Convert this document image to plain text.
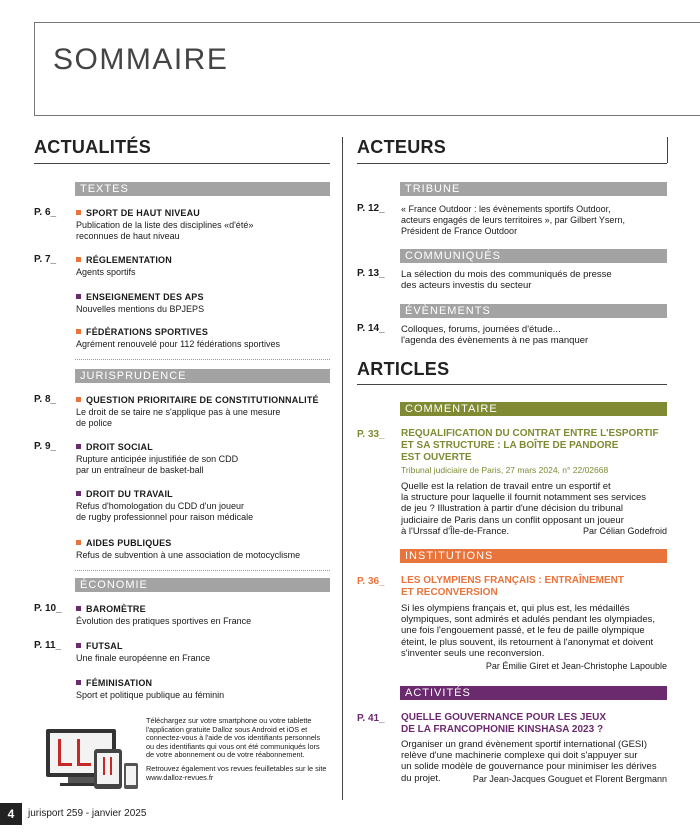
SOMMAIRE
ACTUALITÉS
TEXTES
P. 6_	SPORT DE HAUT NIVEAU
Publication de la liste des disciplines «d'été»
reconnues de haut niveau
P. 7_	RÉGLEMENTATION
Agents sportifs
ENSEIGNEMENT DES APS
Nouvelles mentions du BPJEPS
FÉDÉRATIONS SPORTIVES
Agrément renouvelé pour 112 fédérations sportives
JURISPRUDENCE
P. 8_	QUESTION PRIORITAIRE DE CONSTITUTIONNALITÉ
Le droit de se taire ne s'applique pas à une mesure
de police
P. 9_	DROIT SOCIAL
Rupture anticipée injustifiée de son CDD
par un entraîneur de basket-ball
DROIT DU TRAVAIL
Refus d'homologation du CDD d'un joueur
de rugby professionnel pour raison médicale
AIDES PUBLIQUES
Refus de subvention à une association de motocyclisme
ÉCONOMIE
P. 10_	BAROMÈTRE
Évolution des pratiques sportives en France
P. 11_	FUTSAL
Une finale européenne en France
FÉMINISATION
Sport et politique publique au féminin
Téléchargez sur votre smartphone ou votre tablette
l'application gratuite Dalloz sous Android et iOS et
connectez-vous à l'aide de vos identifiants personnels
ou des identifiants qui vous ont été communiqués lors
de votre abonnement ou de votre réabonnement.
Retrouvez également vos revues feuilletables sur le site
www.dalloz-revues.fr
ACTEURS
TRIBUNE
P. 12_ « France Outdoor : les évènements sportifs Outdoor,
acteurs engagés de leurs territoires », par Gilbert Ysern,
Président de France Outdoor
COMMUNIQUÉS
P. 13_ La sélection du mois des communiqués de presse
des acteurs investis du secteur
ÉVÈNEMENTS
P. 14_ Colloques, forums, journées d'étude...
l'agenda des évènements à ne pas manquer
ARTICLES
COMMENTAIRE
P. 33_ REQUALIFICATION DU CONTRAT ENTRE L'ESPORTIF
ET SA STRUCTURE : LA BOÎTE DE PANDORE
EST OUVERTE
Tribunal judiciaire de Paris, 27 mars 2024, n° 22/02668
Quelle est la relation de travail entre un esportif et
la structure pour laquelle il fournit notamment ses services
de jeu ? Illustration à partir d'une décision du tribunal
judiciaire de Paris dans un conflit opposant un joueur
à l'Urssaf d'Île-de-France.	Par Célian Godefroid
INSTITUTIONS
P. 36_ LES OLYMPIENS FRANÇAIS : ENTRAÎNEMENT
ET RECONVERSION
Si les olympiens français et, qui plus est, les médaillés
olympiques, sont admirés et adulés pendant les olympiades,
une fois l'engouement passé, et le feu de paille olympique
éteint, le plus souvent, ils retournent à l'anonymat et doivent
s'inventer seuls une reconversion.
Par Émilie Giret et Jean-Christophe Lapouble
ACTIVITÉS
P. 41_ QUELLE GOUVERNANCE POUR LES JEUX
DE LA FRANCOPHONIE KINSHASA 2023 ?
Organiser un grand évènement sportif international (GESI)
relève d'une machinerie complexe qui doit s'appuyer sur
un solide modèle de gouvernance pour minimiser les dérives
du projet.	Par Jean-Jacques Gouguet et Florent Bergmann
4	jurisport 259 - janvier 2025
